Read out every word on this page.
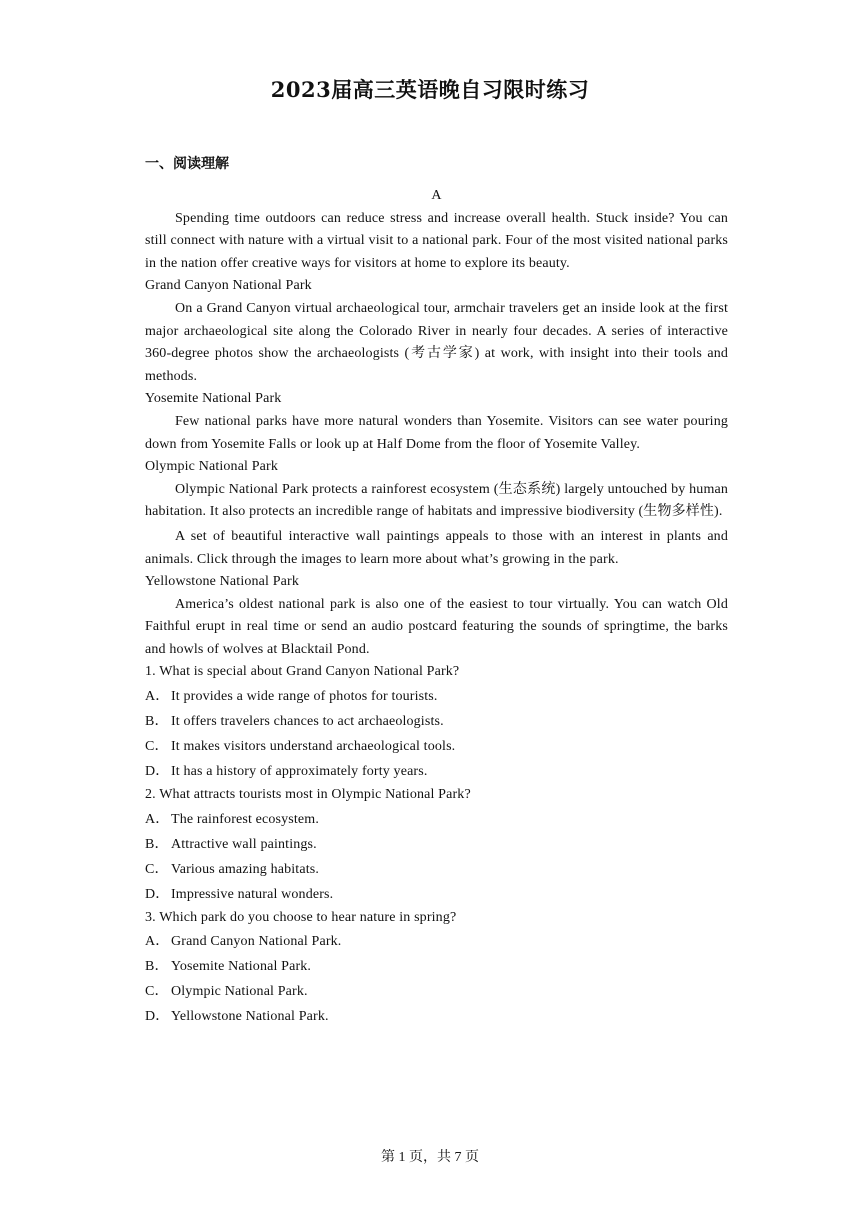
2023届高三英语晚自习限时练习
一、阅读理解
A

Spending time outdoors can reduce stress and increase overall health. Stuck inside? You can still connect with nature with a virtual visit to a national park. Four of the most visited national parks in the nation offer creative ways for visitors at home to explore its beauty.

Grand Canyon National Park

On a Grand Canyon virtual archaeological tour, armchair travelers get an inside look at the first major archaeological site along the Colorado River in nearly four decades. A series of interactive 360-degree photos show the archaeologists (考古学家) at work, with insight into their tools and methods.

Yosemite National Park

Few national parks have more natural wonders than Yosemite. Visitors can see water pouring down from Yosemite Falls or look up at Half Dome from the floor of Yosemite Valley.

Olympic National Park

Olympic National Park protects a rainforest ecosystem (生态系统) largely untouched by human habitation. It also protects an incredible range of habitats and impressive biodiversity (生物多样性).

A set of beautiful interactive wall paintings appeals to those with an interest in plants and animals. Click through the images to learn more about what’s growing in the park.

Yellowstone National Park

America’s oldest national park is also one of the easiest to tour virtually. You can watch Old Faithful erupt in real time or send an audio postcard featuring the sounds of springtime, the barks and howls of wolves at Blacktail Pond.

1. What is special about Grand Canyon National Park?

A． It provides a wide range of photos for tourists.

B． It offers travelers chances to act archaeologists.

C． It makes visitors understand archaeological tools.

D． It has a history of approximately forty years.

2. What attracts tourists most in Olympic National Park?

A． The rainforest ecosystem.

B． Attractive wall paintings.

C． Various amazing habitats.

D． Impressive natural wonders.

3. Which park do you choose to hear nature in spring?

A． Grand Canyon National Park.

B． Yosemite National Park.

C． Olympic National Park.

D． Yellowstone National Park.

第 1 页，共 7 页
